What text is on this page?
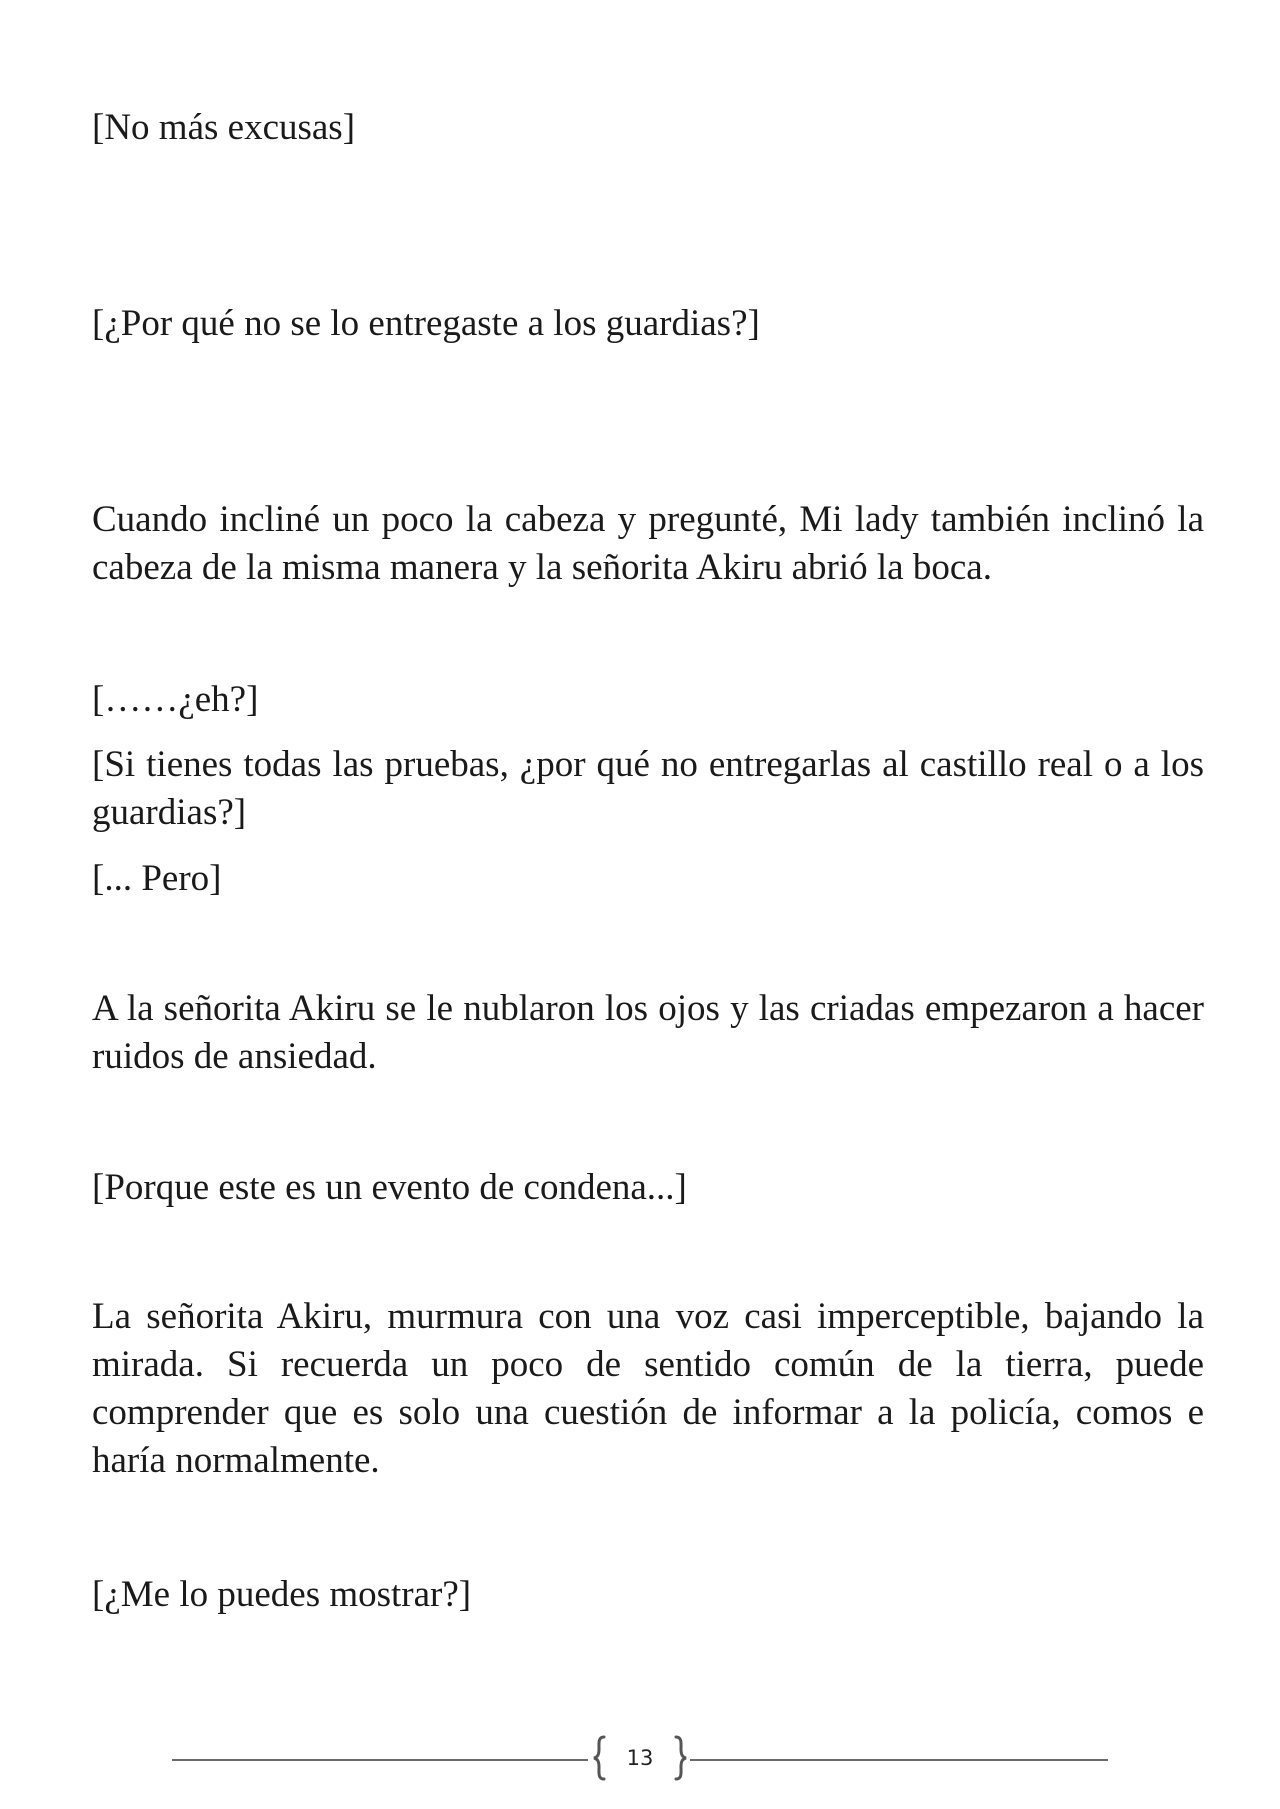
[No más excusas]

[¿Por qué no se lo entregaste a los guardias?]

Cuando incliné un poco la cabeza y pregunté, Mi lady también inclinó la cabeza de la misma manera y la señorita Akiru abrió la boca.

[……¿eh?]

[Si tienes todas las pruebas, ¿por qué no entregarlas al castillo real o a los guardias?]

[... Pero]

A la señorita Akiru se le nublaron los ojos y las criadas empezaron a hacer ruidos de ansiedad.

[Porque este es un evento de condena...]

La señorita Akiru, murmura con una voz casi imperceptible, bajando la mirada. Si recuerda un poco de sentido común de la tierra, puede comprender que es solo una cuestión de informar a la policía, comos e haría normalmente.

[¿Me lo puedes mostrar?]

13
